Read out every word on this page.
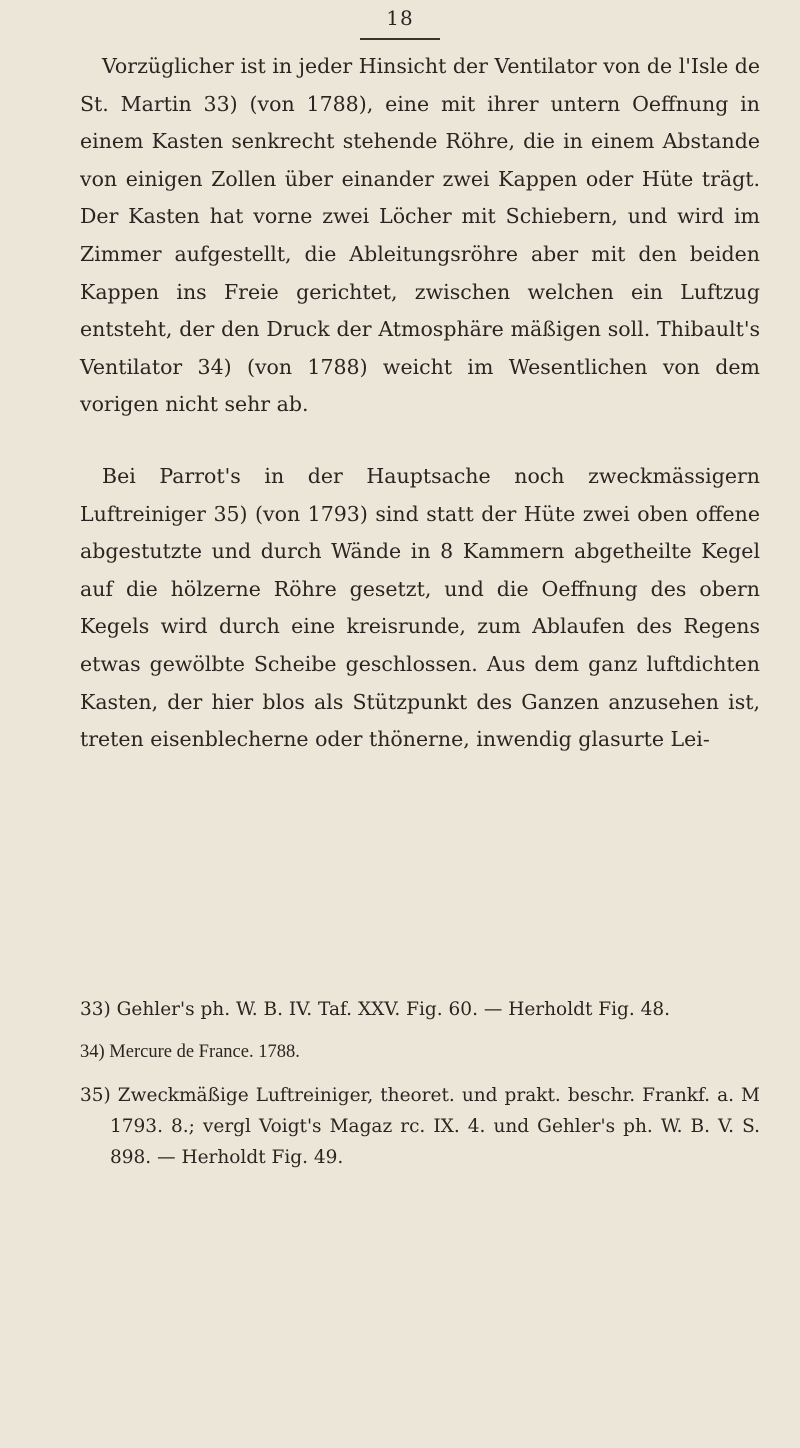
18

Vorzüglicher ist in jeder Hinsicht der Ventilator von de l'Isle de St. Martin 33) (von 1788), eine mit ihrer untern Oeffnung in einem Kasten senkrecht stehende Röhre, die in einem Abstande von einigen Zollen über einander zwei Kappen oder Hüte trägt. Der Kasten hat vorne zwei Löcher mit Schiebern, und wird im Zimmer aufgestellt, die Ableitungsröhre aber mit den beiden Kappen ins Freie gerichtet, zwischen welchen ein Luftzug entsteht, der den Druck der Atmosphäre mäßigen soll. Thibault's Ventilator 34) (von 1788) weicht im Wesentlichen von dem vorigen nicht sehr ab.

Bei Parrot's in der Hauptsache noch zweckmässigern Luftreiniger 35) (von 1793) sind statt der Hüte zwei oben offene abgestutzte und durch Wände in 8 Kammern abgetheilte Kegel auf die hölzerne Röhre gesetzt, und die Oeffnung des obern Kegels wird durch eine kreisrunde, zum Ablaufen des Regens etwas gewölbte Scheibe geschlossen. Aus dem ganz luftdichten Kasten, der hier blos als Stützpunkt des Ganzen anzusehen ist, treten eisenblecherne oder thönerne, inwendig glasurte Lei-

33) Gehler's ph. W. B. IV. Taf. XXV. Fig. 60. — Herholdt Fig. 48.

34) Mercure de France. 1788.

35) Zweckmäßige Luftreiniger, theoret. und prakt. beschr. Frankf. a. M 1793. 8.; vergl Voigt's Magaz rc. IX. 4. und Gehler's ph. W. B. V. S. 898. — Herholdt Fig. 49.
